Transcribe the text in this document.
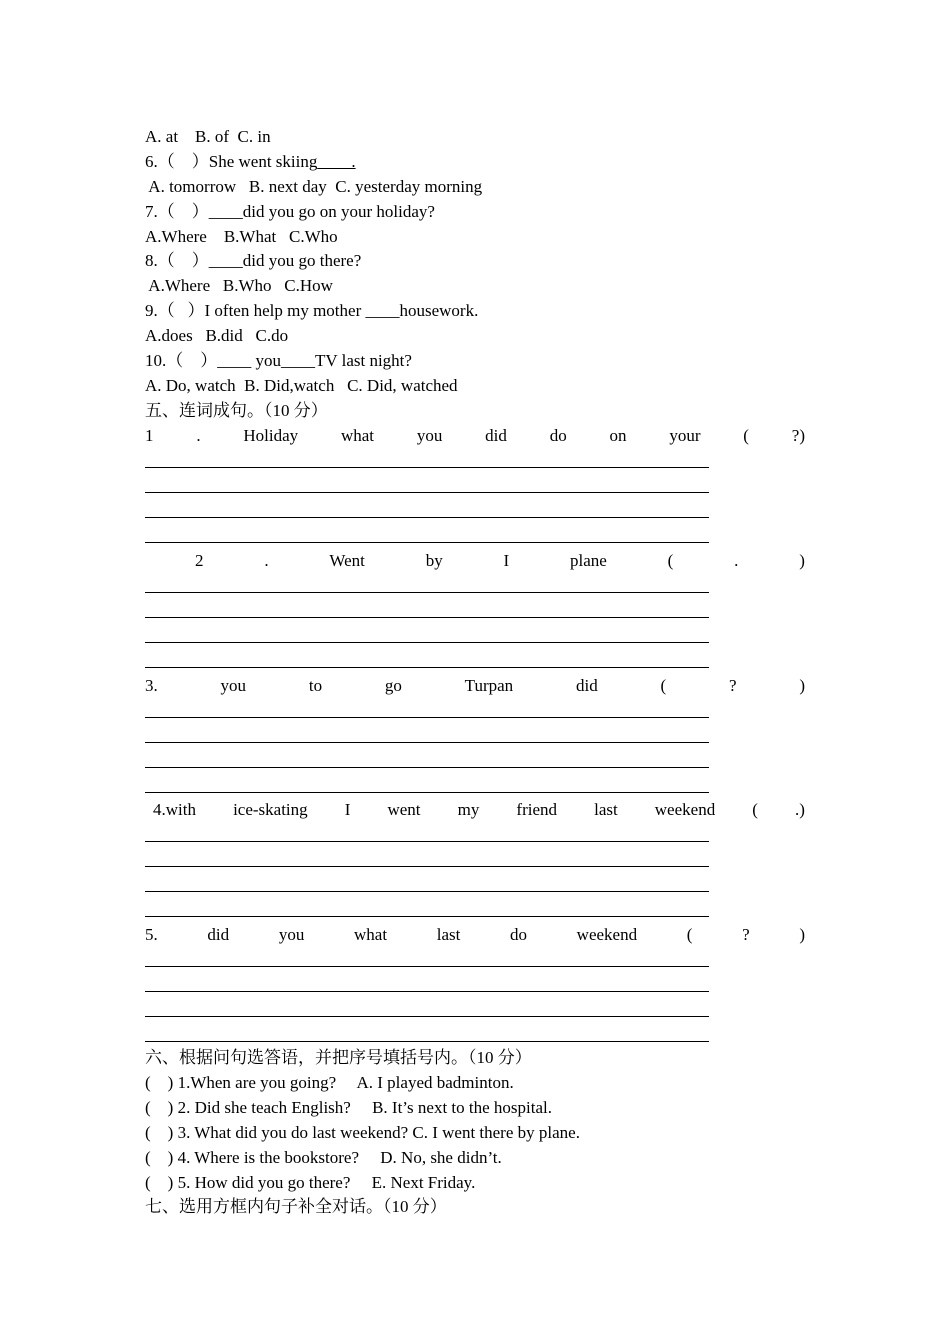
A. at    B. of  C. in
6.（    ）She went skiing____.
A. tomorrow   B. next day  C. yesterday morning
7.（    ）____did you go on your holiday?
A.Where    B.What   C.Who
8.（    ）____did you go there?
A.Where   B.Who   C.How
9.（   ）I often help my mother ____housework.
A.does   B.did   C.do
10.（    ）____ you____TV last night?
A. Do, watch  B. Did,watch   C. Did, watched
五、连词成句。（10 分）
1	.	Holiday	what	you	did	do	on	your	(	?)
2	.	Went	by	I	plane	(	.	)
3.	you	to	go	Turpan	did	(	?	)
4.with ice-skating I went my friend last weekend ( .)
5.	did	you	what	last	do	weekend	(	?	)
六、根据问句选答语，并把序号填括号内。（10 分）
(    ) 1.When are you going?     A. I played badminton.
(    ) 2. Did she teach English?     B. It’s next to the hospital.
(    ) 3. What did you do last weekend? C. I went there by plane.
(    ) 4. Where is the bookstore?     D. No, she didn’t.
(    ) 5. How did you go there?     E. Next Friday.
七、选用方框内句子补全对话。（10 分）
